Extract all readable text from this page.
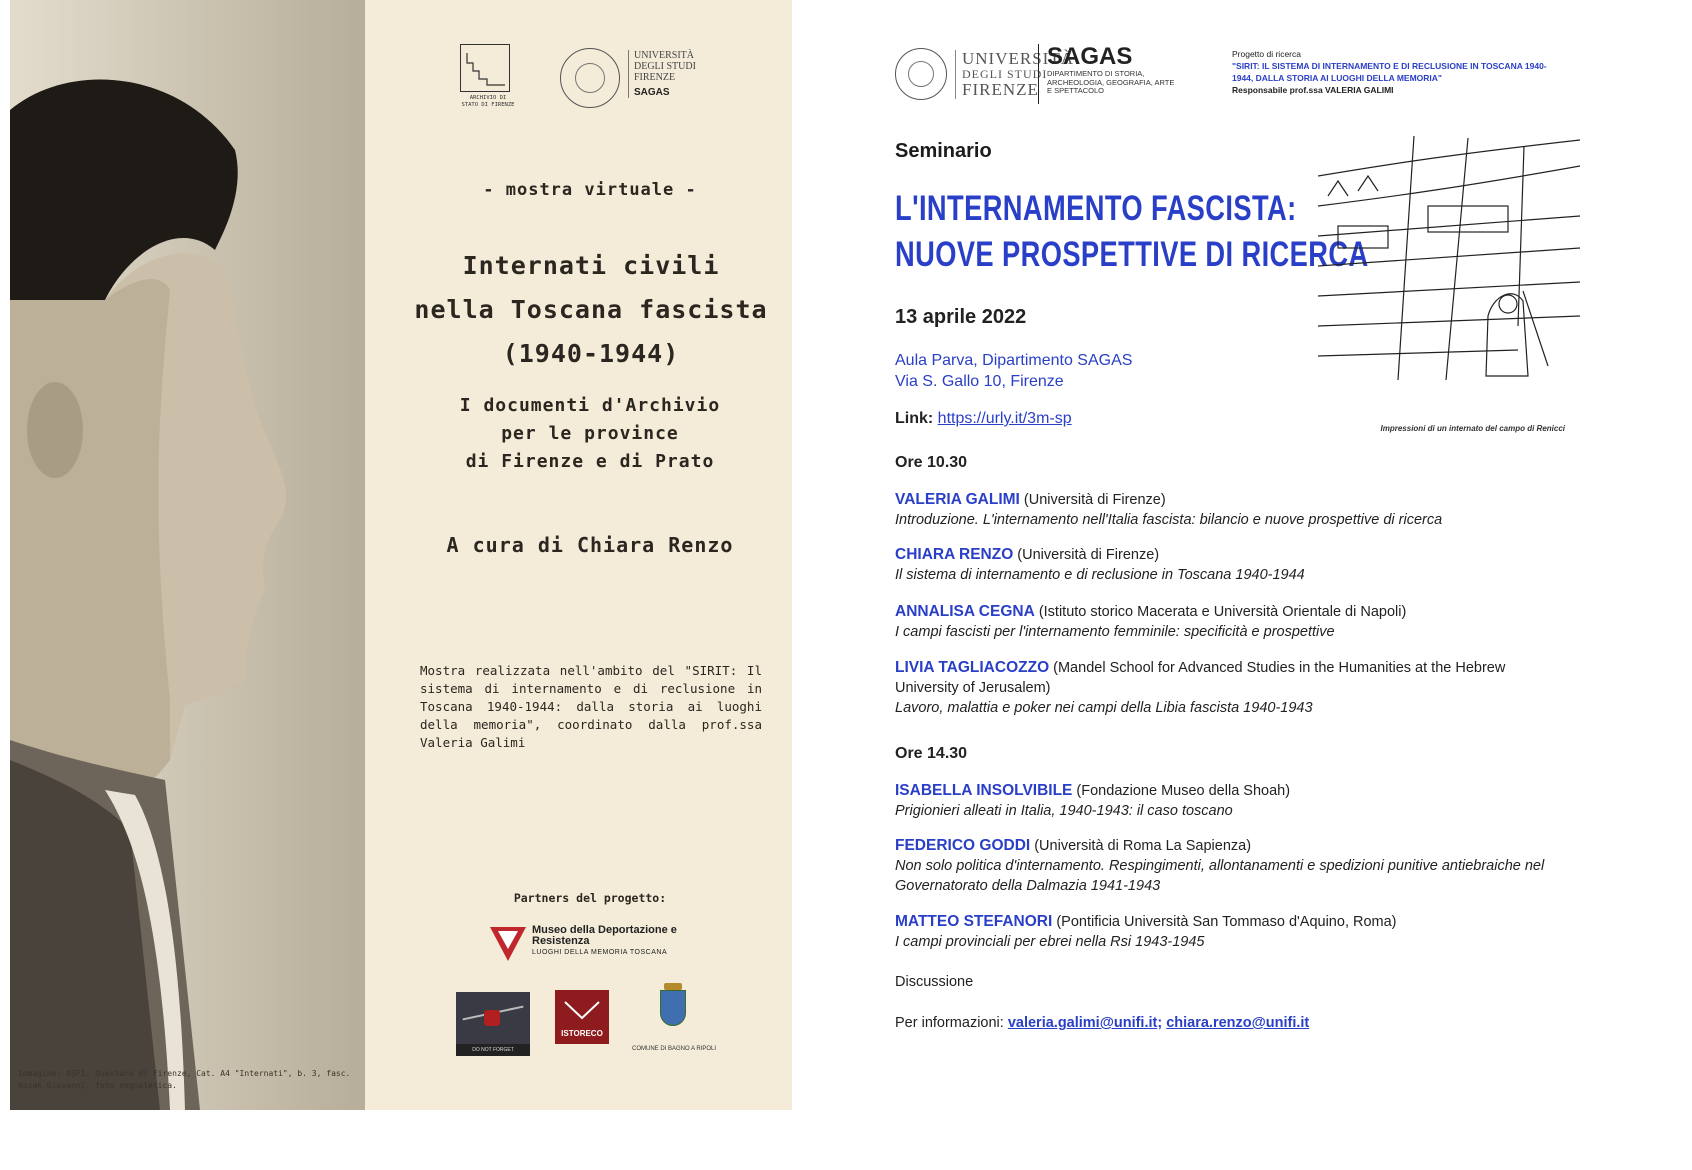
Immagine: ASFI, Questura di Firenze, Cat. A4 "Internati", b. 3, fasc. Kosak Giovanni, foto segnaletica.
ARCHIVIO DI STATO DI FIRENZE
UNIVERSITÀ
DEGLI STUDI
FIRENZE
SAGAS
- mostra virtuale -
Internati civili
nella Toscana fascista
(1940-1944)
I documenti d'Archivio
per le province
di Firenze e di Prato
A cura di Chiara Renzo
Mostra realizzata nell'ambito del "SIRIT: Il sistema di internamento e di reclusione in Toscana 1940-1944: dalla storia ai luoghi della memoria", coordinato dalla prof.ssa Valeria Galimi
Partners del progetto:
Museo della Deportazione e Resistenza
LUOGHI DELLA MEMORIA TOSCANA
DO NOT FORGET
ISTORECO
COMUNE DI BAGNO A RIPOLI
UNIVERSITÀ
DEGLI STUDI
FIRENZE
SAGAS
DIPARTIMENTO DI STORIA, ARCHEOLOGIA, GEOGRAFIA, ARTE E SPETTACOLO
Progetto di ricerca
"SIRIT: IL SISTEMA DI INTERNAMENTO E DI RECLUSIONE IN TOSCANA 1940-1944, DALLA STORIA AI LUOGHI DELLA MEMORIA"
Responsabile prof.ssa VALERIA GALIMI
Seminario
L'INTERNAMENTO FASCISTA:
NUOVE PROSPETTIVE DI RICERCA
13 aprile 2022
Aula Parva, Dipartimento SAGAS
Via S. Gallo 10, Firenze
Link: https://urly.it/3m-sp
Impressioni di un internato del campo di Renicci
Ore 10.30
VALERIA GALIMI (Università di Firenze)
Introduzione. L'internamento nell'Italia fascista: bilancio e nuove prospettive di ricerca
CHIARA RENZO (Università di Firenze)
Il sistema di internamento e di reclusione in Toscana 1940-1944
ANNALISA CEGNA (Istituto storico Macerata e Università Orientale di Napoli)
I campi fascisti per l'internamento femminile: specificità e prospettive
LIVIA TAGLIACOZZO (Mandel School for Advanced Studies in the Humanities at the Hebrew University of Jerusalem)
Lavoro, malattia e poker nei campi della Libia fascista 1940-1943
Ore 14.30
ISABELLA INSOLVIBILE (Fondazione Museo della Shoah)
Prigionieri alleati in Italia, 1940-1943: il caso toscano
FEDERICO GODDI (Università di Roma La Sapienza)
Non solo politica d'internamento. Respingimenti, allontanamenti e spedizioni punitive antiebraiche nel Governatorato della Dalmazia 1941-1943
MATTEO STEFANORI (Pontificia Università San Tommaso d'Aquino, Roma)
I campi provinciali per ebrei nella Rsi 1943-1945
Discussione
Per informazioni: valeria.galimi@unifi.it; chiara.renzo@unifi.it
